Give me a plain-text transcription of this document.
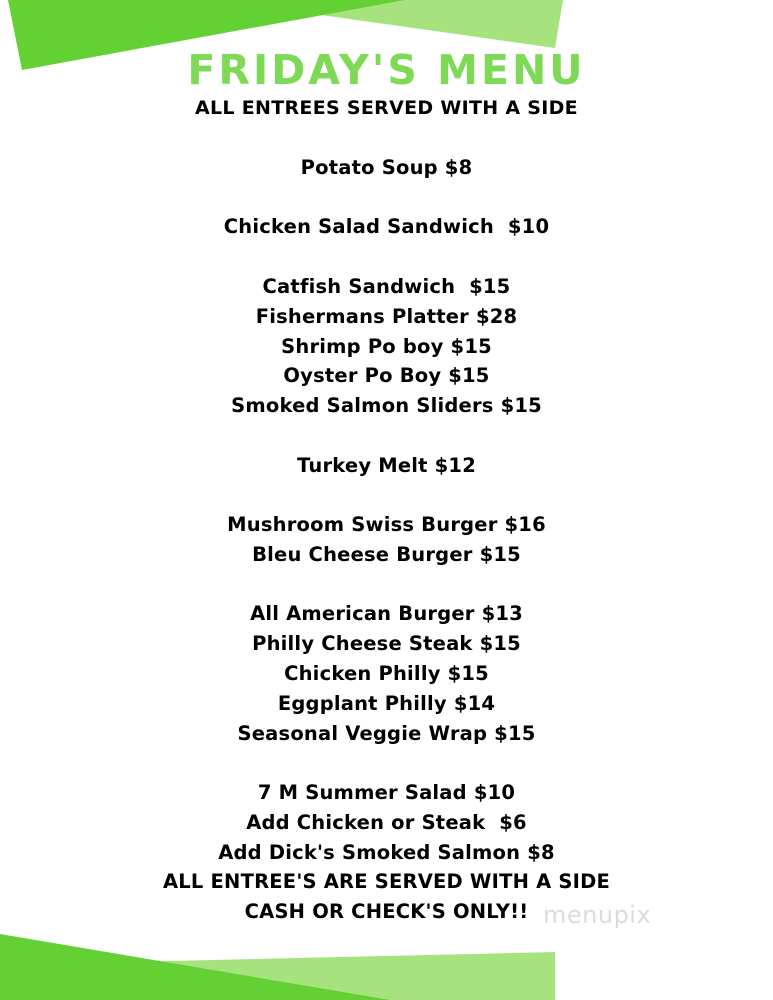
FRIDAY'S MENU
ALL ENTREES SERVED WITH A SIDE
Potato Soup $8
Chicken Salad Sandwich  $10
Catfish Sandwich  $15
Fishermans Platter $28
Shrimp Po boy $15
Oyster Po Boy $15
Smoked Salmon Sliders $15
Turkey Melt $12
Mushroom Swiss Burger $16
Bleu Cheese Burger $15
All American Burger $13
Philly Cheese Steak $15
Chicken Philly $15
Eggplant Philly $14
Seasonal Veggie Wrap $15
7 M Summer Salad $10
Add Chicken or Steak  $6
Add Dick's Smoked Salmon $8
ALL ENTREE'S ARE SERVED WITH A SIDE
CASH OR CHECK'S ONLY!! menupix
